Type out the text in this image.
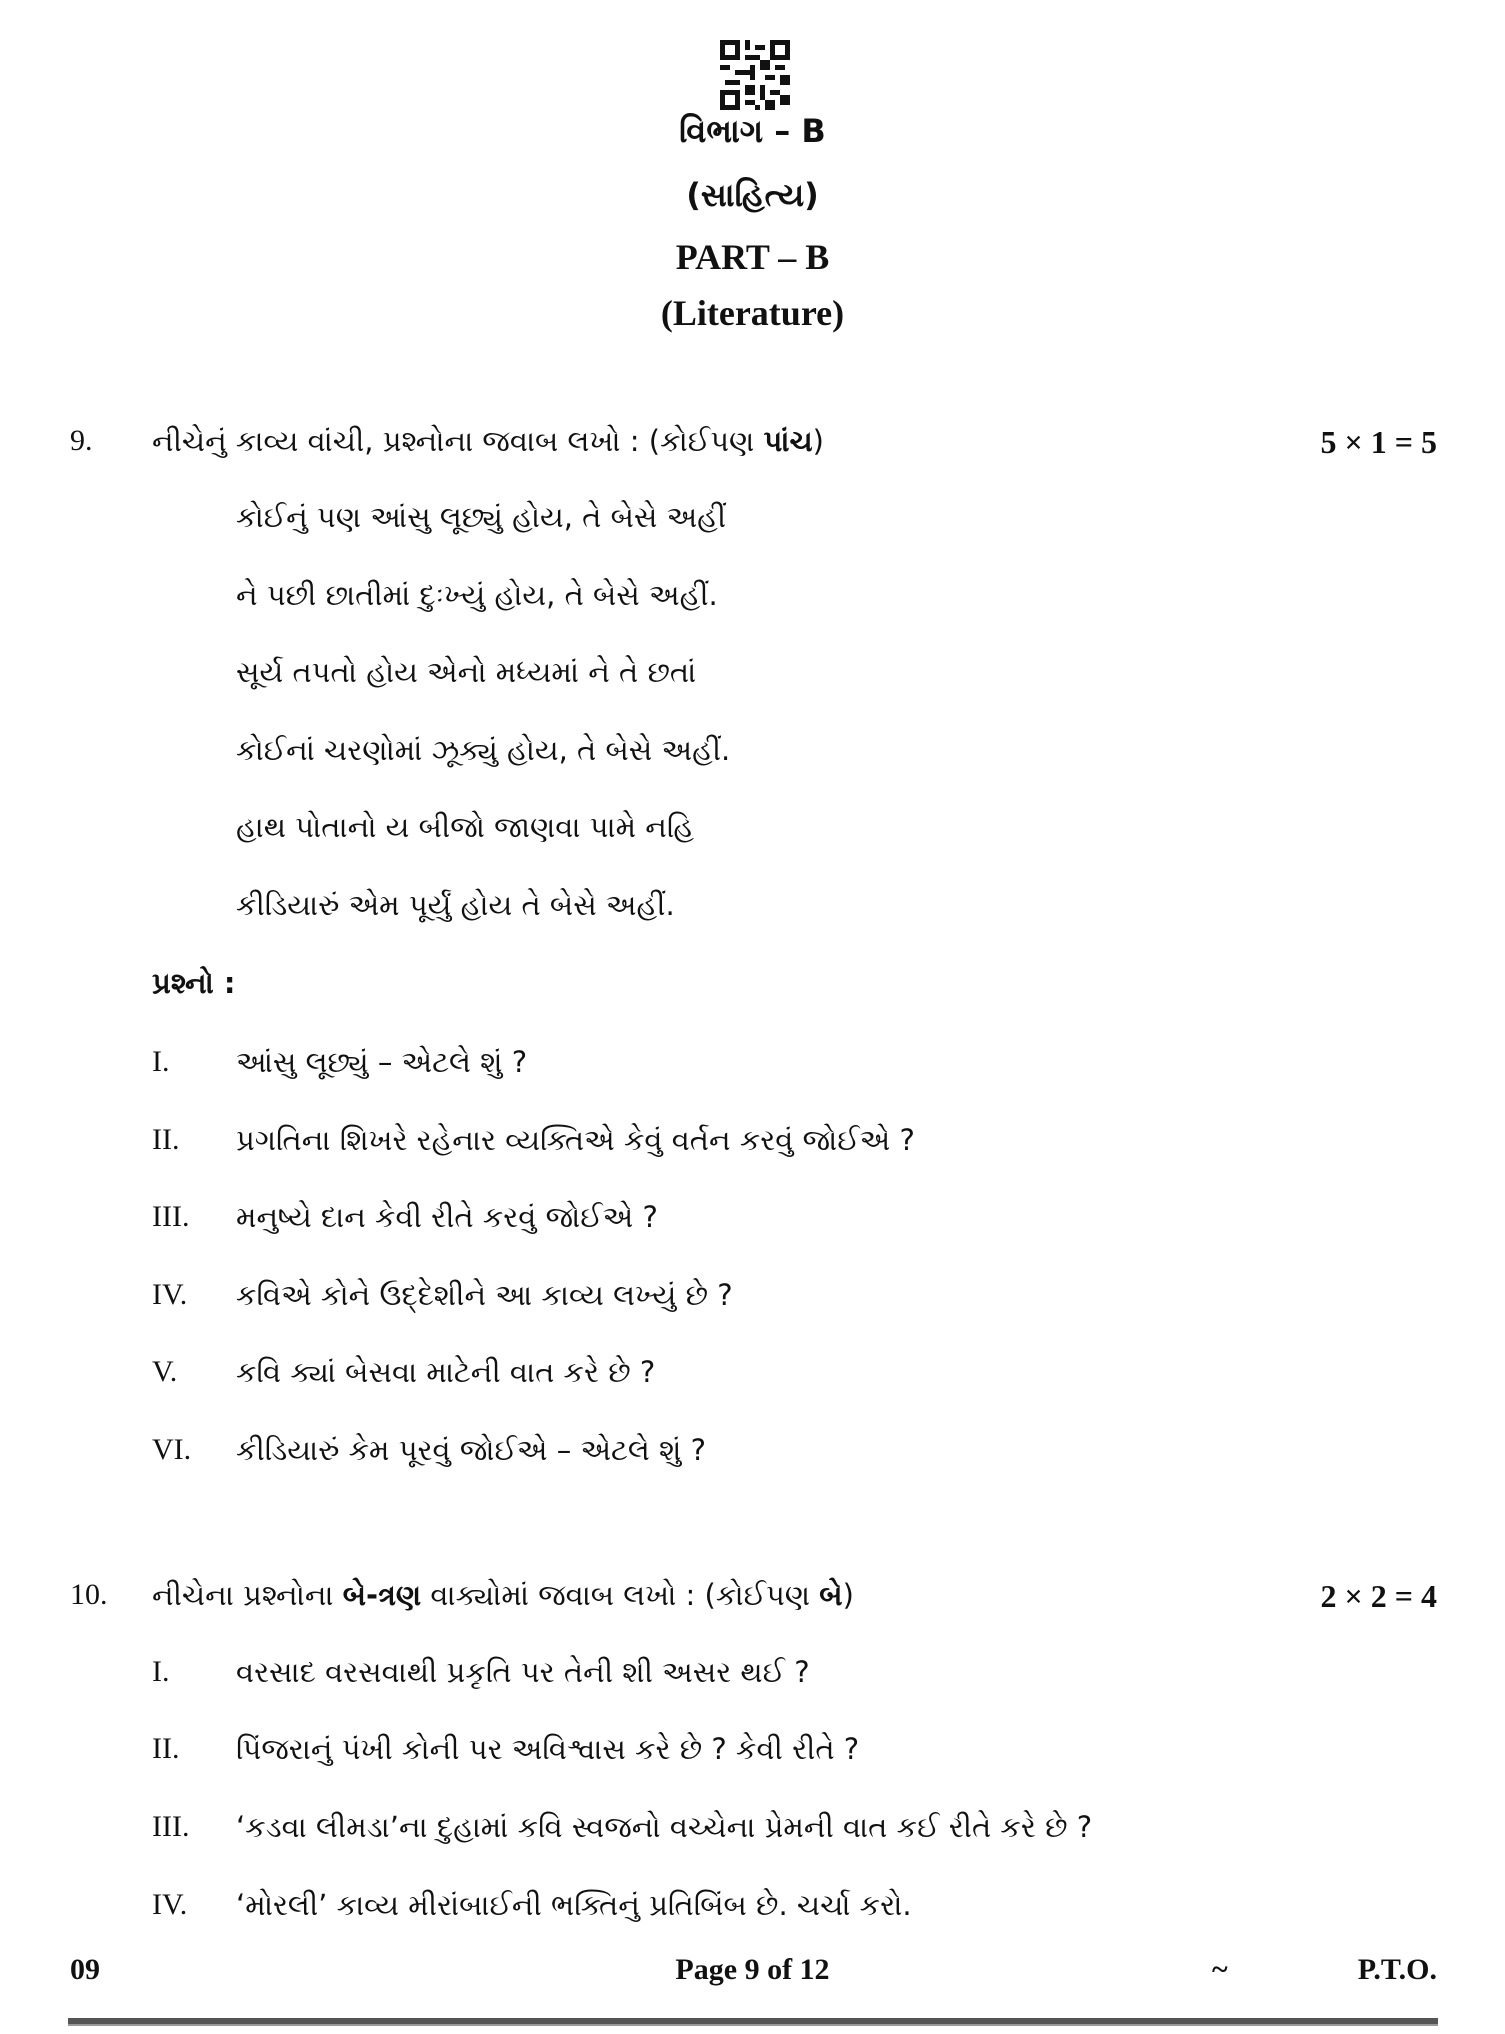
વિભાગ – B
(સાહિત્ય)
PART – B
(Literature)
9. નીચેનું કાવ્ય વાંચી, પ્રશ્નોના જવાબ લખો : (કોઈપણ પાંચ)	5 × 1 = 5
કોઈનું પણ આંસુ લૂછ્યું હોય, તે બેસે અહીં
ને પછી છાતીમાં દુઃખ્યું હોય, તે બેસે અહીં.
સૂર્ય તપતો હોય એનો મધ્યમાં ને તે છતાં
કોઈનાં ચરણોમાં ઝૂક્યું હોય, તે બેસે અહીં.
હાથ પોતાનો ય બીજો જાણવા પામે નહિ
કીડિયારું એમ પૂર્યું હોય તે બેસે અહીં.
પ્રશ્નો :
I. આંસુ લૂછ્યું – એટલે શું ?
II. પ્રગતિના શિખરે રહેનાર વ્યક્તિએ કેવું વર્તન કરવું જોઈએ ?
III. મનુષ્યે દાન કેવી રીતે કરવું જોઈએ ?
IV. કવિએ કોને ઉદ્દેશીને આ કાવ્ય લખ્યું છે ?
V. કવિ ક્યાં બેસવા માટેની વાત કરે છે ?
VI. કીડિયારું કેમ પૂરવું જોઈએ – એટલે શું ?
10. નીચેના પ્રશ્નોના બે-ત્રણ વાક્યોમાં જવાબ લખો : (કોઈપણ બે)	2 × 2 = 4
I. વરસાદ વરસવાથી પ્રકૃતિ પર તેની શી અસર થઈ ?
II. પિંજરાનું પંખી કોની પર અવિશ્વાસ કરે છે ? કેવી રીતે ?
III. ‘કડવા લીમડા’ના દુહામાં કવિ સ્વજનો વચ્ચેના પ્રેમની વાત કઈ રીતે કરે છે ?
IV. ‘મોરલી’ કાવ્ય મીરાંબાઈની ભક્તિનું પ્રતિબિંબ છે. ચર્ચા કરો.
09	Page 9 of 12	~	P.T.O.
